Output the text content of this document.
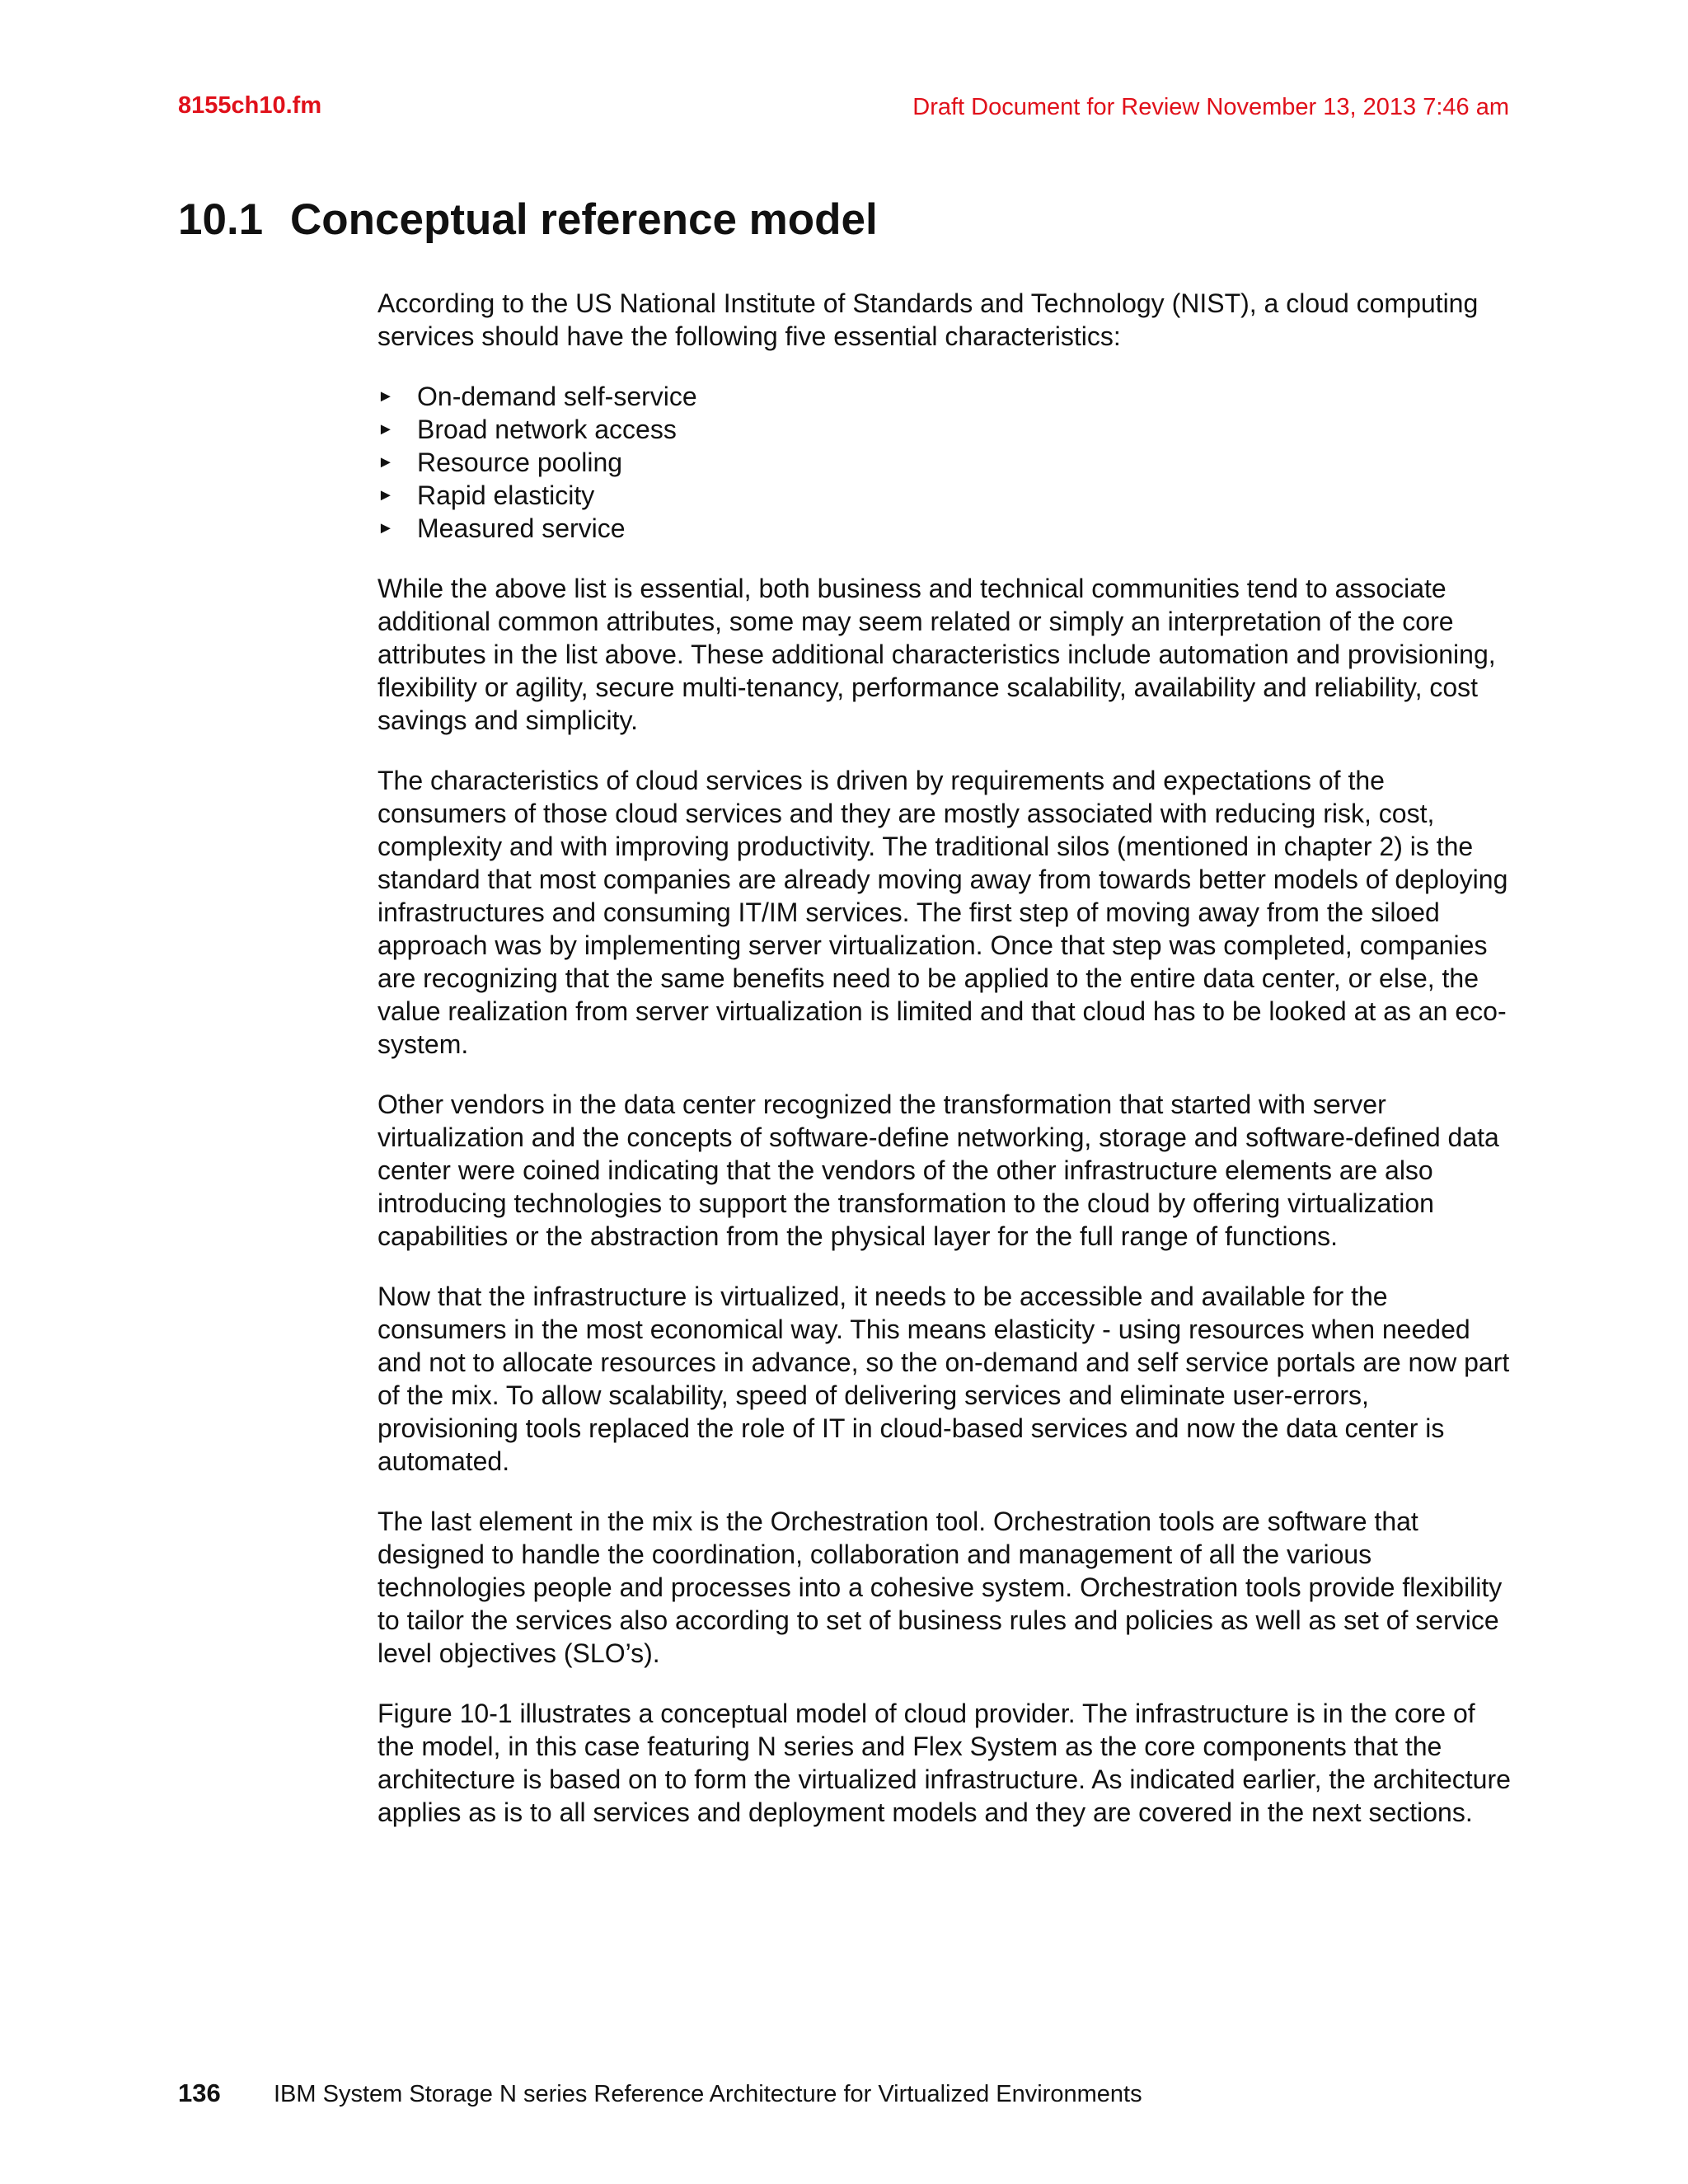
8155ch10.fm	Draft Document for Review November 13, 2013 7:46 am
10.1 Conceptual reference model

According to the US National Institute of Standards and Technology (NIST), a cloud computing services should have the following five essential characteristics:

► On-demand self-service
► Broad network access
► Resource pooling
► Rapid elasticity
► Measured service

While the above list is essential, both business and technical communities tend to associate additional common attributes, some may seem related or simply an interpretation of the core attributes in the list above. These additional characteristics include automation and provisioning, flexibility or agility, secure multi-tenancy, performance scalability, availability and reliability, cost savings and simplicity.

The characteristics of cloud services is driven by requirements and expectations of the consumers of those cloud services and they are mostly associated with reducing risk, cost, complexity and with improving productivity. The traditional silos (mentioned in chapter 2) is the standard that most companies are already moving away from towards better models of deploying infrastructures and consuming IT/IM services. The first step of moving away from the siloed approach was by implementing server virtualization. Once that step was completed, companies are recognizing that the same benefits need to be applied to the entire data center, or else, the value realization from server virtualization is limited and that cloud has to be looked at as an eco-system.

Other vendors in the data center recognized the transformation that started with server virtualization and the concepts of software-define networking, storage and software-defined data center were coined indicating that the vendors of the other infrastructure elements are also introducing technologies to support the transformation to the cloud by offering virtualization capabilities or the abstraction from the physical layer for the full range of functions.

Now that the infrastructure is virtualized, it needs to be accessible and available for the consumers in the most economical way. This means elasticity - using resources when needed and not to allocate resources in advance, so the on-demand and self service portals are now part of the mix. To allow scalability, speed of delivering services and eliminate user-errors, provisioning tools replaced the role of IT in cloud-based services and now the data center is automated.

The last element in the mix is the Orchestration tool. Orchestration tools are software that designed to handle the coordination, collaboration and management of all the various technologies people and processes into a cohesive system. Orchestration tools provide flexibility to tailor the services also according to set of business rules and policies as well as set of service level objectives (SLO’s).

Figure 10-1 illustrates a conceptual model of cloud provider. The infrastructure is in the core of the model, in this case featuring N series and Flex System as the core components that the architecture is based on to form the virtualized infrastructure. As indicated earlier, the architecture applies as is to all services and deployment models and they are covered in the next sections.

136 IBM System Storage N series Reference Architecture for Virtualized Environments
